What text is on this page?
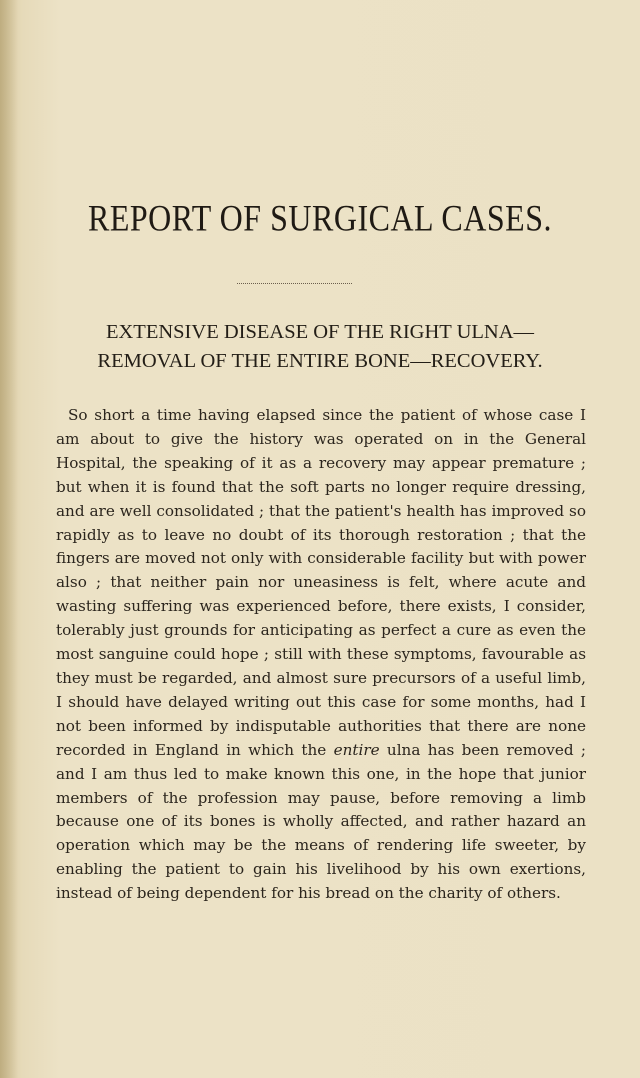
REPORT OF SURGICAL CASES.
EXTENSIVE DISEASE OF THE RIGHT ULNA—REMOVAL OF THE ENTIRE BONE—RECOVERY.

So short a time having elapsed since the patient of whose case I am about to give the history was operated on in the General Hospital, the speaking of it as a recovery may appear premature ; but when it is found that the soft parts no longer require dressing, and are well consolidated ; that the patient's health has improved so rapidly as to leave no doubt of its thorough restoration ; that the fingers are moved not only with considerable facility but with power also ; that neither pain nor uneasiness is felt, where acute and wasting suffering was experienced before, there exists, I consider, tolerably just grounds for anticipating as perfect a cure as even the most sanguine could hope ; still with these symptoms, favourable as they must be regarded, and almost sure precursors of a useful limb, I should have delayed writing out this case for some months, had I not been informed by indisputable authorities that there are none recorded in England in which the entire ulna has been removed ; and I am thus led to make known this one, in the hope that junior members of the profession may pause, before removing a limb because one of its bones is wholly affected, and rather hazard an operation which may be the means of rendering life sweeter, by enabling the patient to gain his livelihood by his own exertions, instead of being dependent for his bread on the charity of others.
